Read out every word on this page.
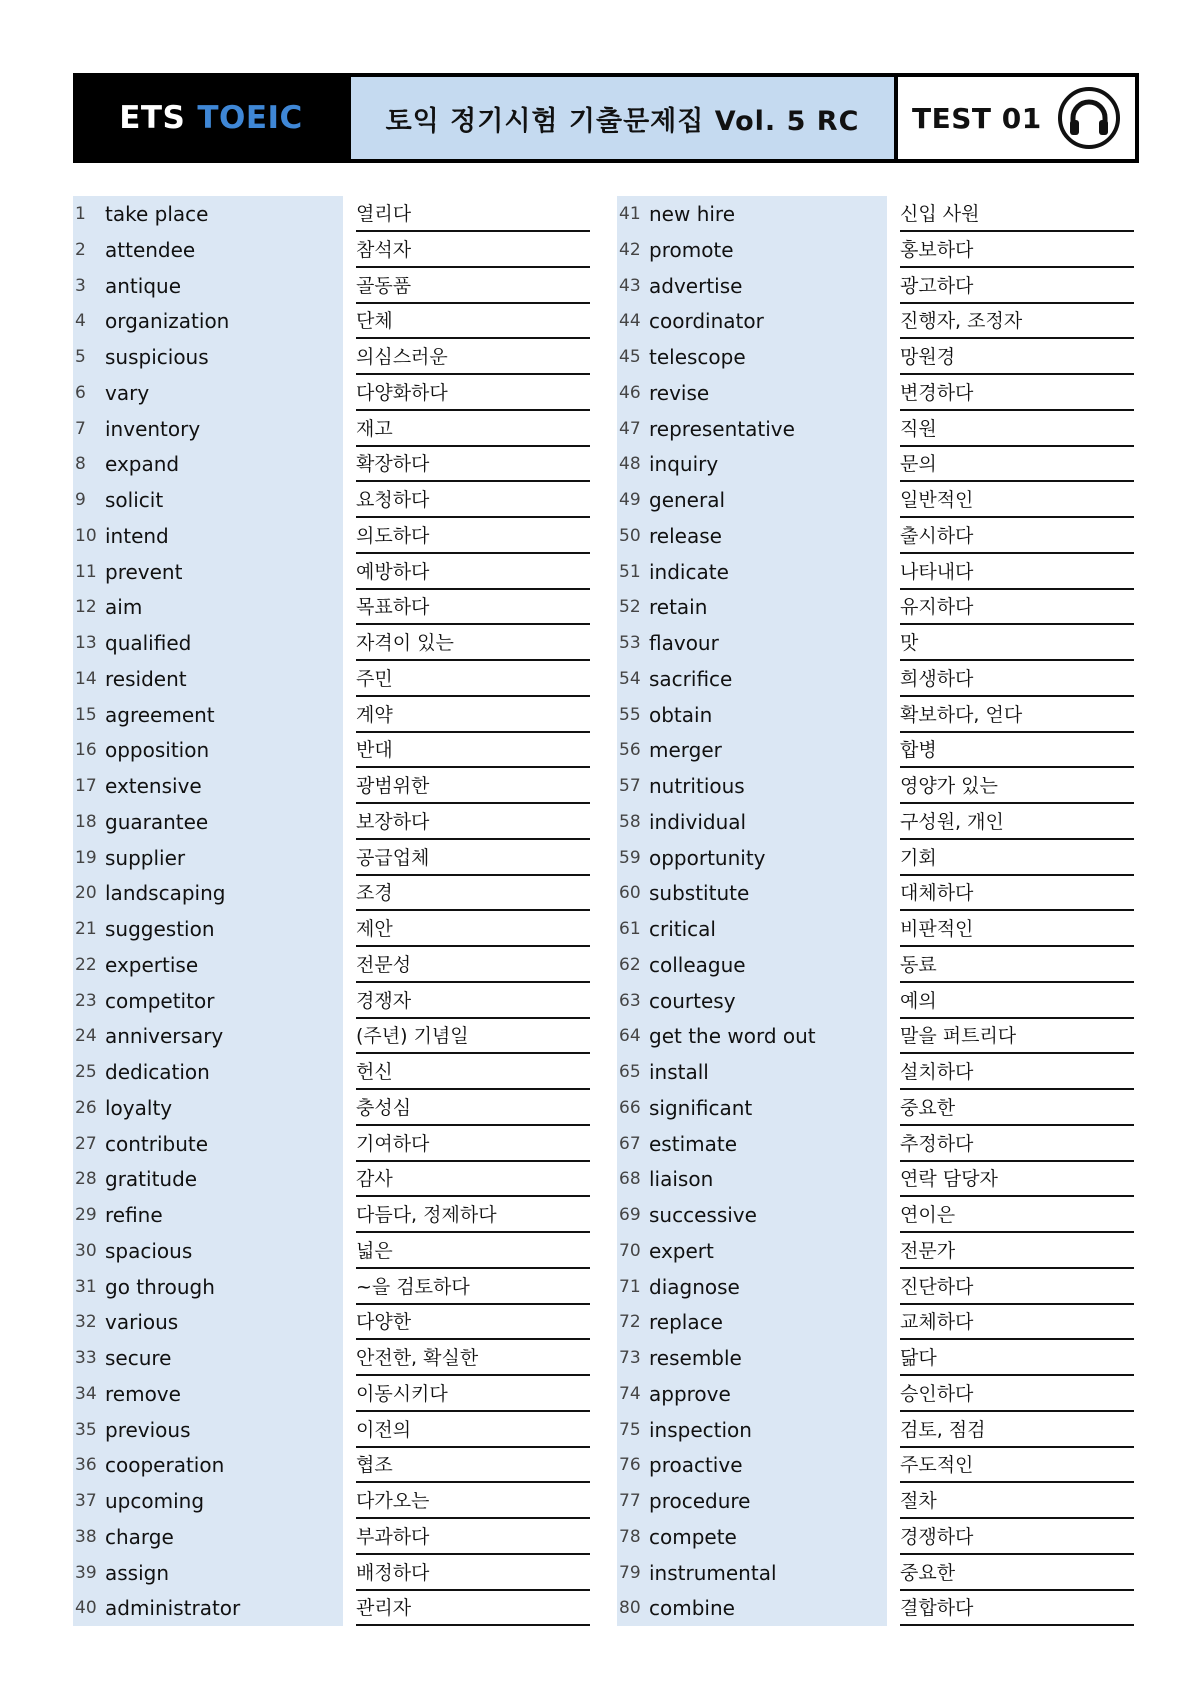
ETS TOEIC	토익 정기시험 기출문제집 Vol. 5 RC	TEST 01
1 take place	열리다
2 attendee	참석자
3 antique	골동품
4 organization	단체
5 suspicious	의심스러운
6 vary	다양화하다
7 inventory	재고
8 expand	확장하다
9 solicit	요청하다
10 intend	의도하다
11 prevent	예방하다
12 aim	목표하다
13 qualified	자격이 있는
14 resident	주민
15 agreement	계약
16 opposition	반대
17 extensive	광범위한
18 guarantee	보장하다
19 supplier	공급업체
20 landscaping	조경
21 suggestion	제안
22 expertise	전문성
23 competitor	경쟁자
24 anniversary	(주년) 기념일
25 dedication	헌신
26 loyalty	충성심
27 contribute	기여하다
28 gratitude	감사
29 refine	다듬다, 정제하다
30 spacious	넓은
31 go through	~을 검토하다
32 various	다양한
33 secure	안전한, 확실한
34 remove	이동시키다
35 previous	이전의
36 cooperation	협조
37 upcoming	다가오는
38 charge	부과하다
39 assign	배정하다
40 administrator	관리자
41 new hire	신입 사원
42 promote	홍보하다
43 advertise	광고하다
44 coordinator	진행자, 조정자
45 telescope	망원경
46 revise	변경하다
47 representative	직원
48 inquiry	문의
49 general	일반적인
50 release	출시하다
51 indicate	나타내다
52 retain	유지하다
53 flavour	맛
54 sacrifice	희생하다
55 obtain	확보하다, 얻다
56 merger	합병
57 nutritious	영양가 있는
58 individual	구성원, 개인
59 opportunity	기회
60 substitute	대체하다
61 critical	비판적인
62 colleague	동료
63 courtesy	예의
64 get the word out	말을 퍼트리다
65 install	설치하다
66 significant	중요한
67 estimate	추정하다
68 liaison	연락 담당자
69 successive	연이은
70 expert	전문가
71 diagnose	진단하다
72 replace	교체하다
73 resemble	닮다
74 approve	승인하다
75 inspection	검토, 점검
76 proactive	주도적인
77 procedure	절차
78 compete	경쟁하다
79 instrumental	중요한
80 combine	결합하다
